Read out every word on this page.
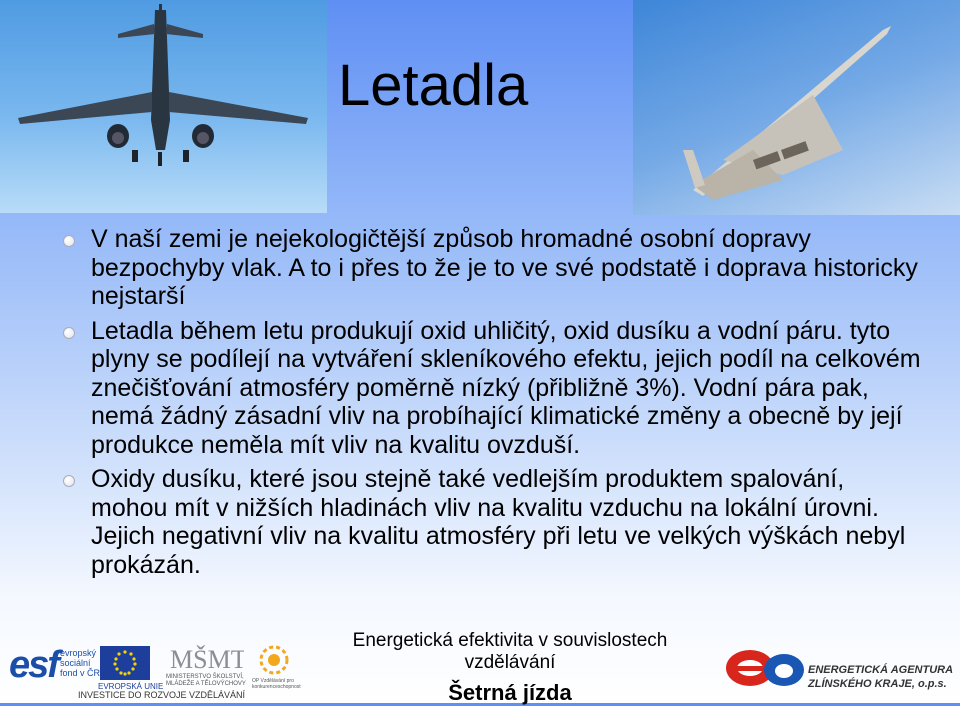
Letadla
V naší zemi je nejekologičtější způsob hromadné osobní dopravy bezpochyby vlak. A to i přes to že je to ve své podstatě i doprava historicky nejstarší
Letadla během letu produkují oxid uhličitý, oxid dusíku a vodní páru. tyto plyny se podílejí na vytváření skleníkového efektu, jejich podíl na celkovém znečišťování atmosféry poměrně nízký (přibližně 3%). Vodní pára pak, nemá žádný zásadní vliv na probíhající klimatické změny a obecně by její produkce neměla mít vliv na kvalitu ovzduší.
Oxidy dusíku, které jsou stejně také vedlejším produktem spalování, mohou mít v nižších hladinách vliv na kvalitu vzduchu na lokální úrovni. Jejich negativní vliv na kvalitu atmosféry při letu ve velkých výškách nebyl prokázán.
esf evropský sociální fond v ČR
EVROPSKÁ UNIE
MŠMT
MINISTERSTVO ŠKOLSTVÍ, MLÁDEŽE A TĚLOVÝCHOVY OP Vzdělávání pro konkurenceschopnost
INVESTICE DO ROZVOJE VZDĚLÁVÁNÍ
Energetická efektivita v souvislostech
vzdělávání
Šetrná jízda
ENERGETICKÁ AGENTURA
ZLÍNSKÉHO KRAJE, o.p.s.
